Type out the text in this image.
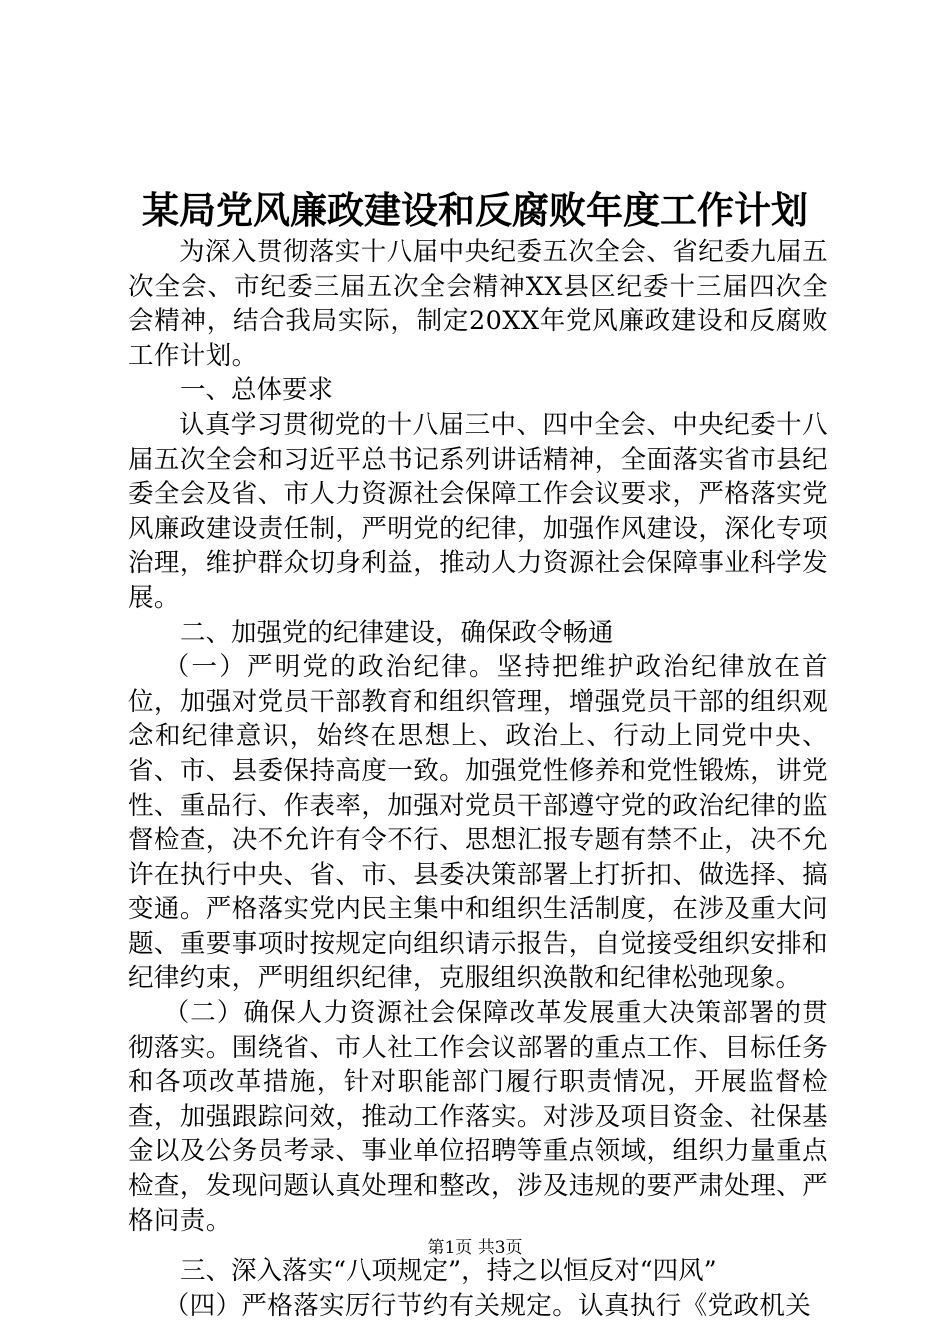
某局党风廉政建设和反腐败年度工作计划

为深入贯彻落实十八届中央纪委五次全会、省纪委九届五次全会、市纪委三届五次全会精神XX县区纪委十三届四次全会精神，结合我局实际，制定20XX年党风廉政建设和反腐败工作计划。

一、总体要求

认真学习贯彻党的十八届三中、四中全会、中央纪委十八届五次全会和习近平总书记系列讲话精神，全面落实省市县纪委全会及省、市人力资源社会保障工作会议要求，严格落实党风廉政建设责任制，严明党的纪律，加强作风建设，深化专项治理，维护群众切身利益，推动人力资源社会保障事业科学发展。

二、加强党的纪律建设，确保政令畅通

（一）严明党的政治纪律。坚持把维护政治纪律放在首位，加强对党员干部教育和组织管理，增强党员干部的组织观念和纪律意识，始终在思想上、政治上、行动上同党中央、省、市、县委保持高度一致。加强党性修养和党性锻炼，讲党性、重品行、作表率，加强对党员干部遵守党的政治纪律的监督检查，决不允许有令不行、思想汇报专题有禁不止，决不允许在执行中央、省、市、县委决策部署上打折扣、做选择、搞变通。严格落实党内民主集中和组织生活制度，在涉及重大问题、重要事项时按规定向组织请示报告，自觉接受组织安排和纪律约束，严明组织纪律，克服组织涣散和纪律松弛现象。

（二）确保人力资源社会保障改革发展重大决策部署的贯彻落实。围绕省、市人社工作会议部署的重点工作、目标任务和各项改革措施，针对职能部门履行职责情况，开展监督检查，加强跟踪问效，推动工作落实。对涉及项目资金、社保基金以及公务员考录、事业单位招聘等重点领域，组织力量重点检查，发现问题认真处理和整改，涉及违规的要严肃处理、严格问责。

三、深入落实“八项规定”，持之以恒反对“四风”

（四）严格落实厉行节约有关规定。认真执行《党政机关

第1页 共3页
